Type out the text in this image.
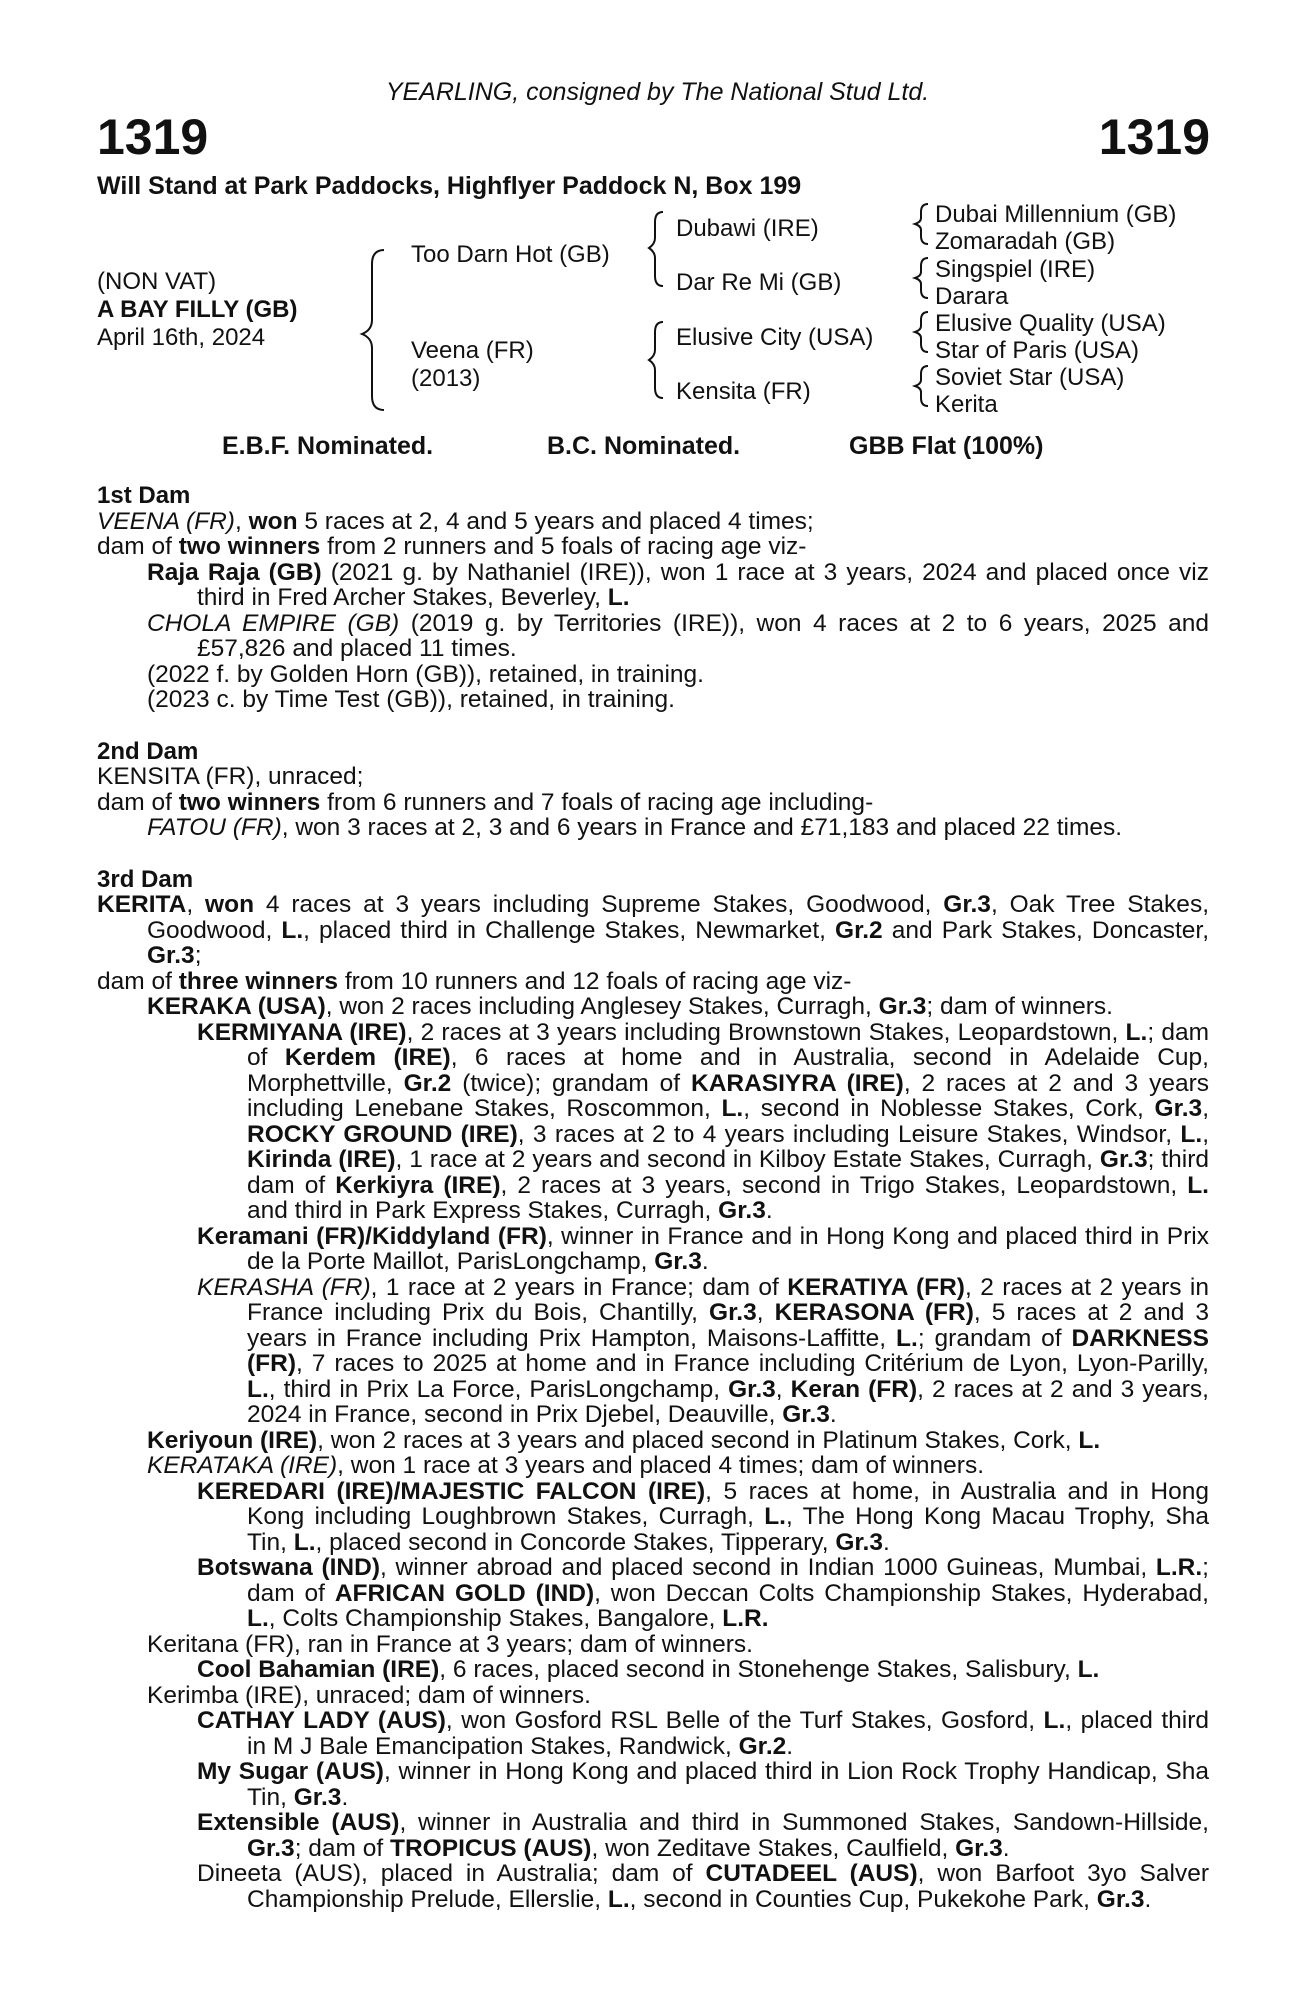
YEARLING, consigned by The National Stud Ltd.
1319	1319
Will Stand at Park Paddocks, Highflyer Paddock N, Box 199
(NON VAT)
A BAY FILLY (GB)
April 16th, 2024
Too Darn Hot (GB)
Veena (FR)
(2013)
Dubawi (IRE)
Dar Re Mi (GB)
Elusive City (USA)
Kensita (FR)
Dubai Millennium (GB)
Zomaradah (GB)
Singspiel (IRE)
Darara
Elusive Quality (USA)
Star of Paris (USA)
Soviet Star (USA)
Kerita
E.B.F. Nominated.	B.C. Nominated.	GBB Flat (100%)
1st Dam
VEENA (FR), won 5 races at 2, 4 and 5 years and placed 4 times;
dam of two winners from 2 runners and 5 foals of racing age viz-
Raja Raja (GB) (2021 g. by Nathaniel (IRE)), won 1 race at 3 years, 2024 and placed once viz third in Fred Archer Stakes, Beverley, L.
CHOLA EMPIRE (GB) (2019 g. by Territories (IRE)), won 4 races at 2 to 6 years, 2025 and £57,826 and placed 11 times.
(2022 f. by Golden Horn (GB)), retained, in training.
(2023 c. by Time Test (GB)), retained, in training.
2nd Dam
KENSITA (FR), unraced;
dam of two winners from 6 runners and 7 foals of racing age including-
FATOU (FR), won 3 races at 2, 3 and 6 years in France and £71,183 and placed 22 times.
3rd Dam
KERITA, won 4 races at 3 years including Supreme Stakes, Goodwood, Gr.3, Oak Tree Stakes, Goodwood, L., placed third in Challenge Stakes, Newmarket, Gr.2 and Park Stakes, Doncaster, Gr.3;
dam of three winners from 10 runners and 12 foals of racing age viz-
KERAKA (USA), won 2 races including Anglesey Stakes, Curragh, Gr.3; dam of winners.
KERMIYANA (IRE), 2 races at 3 years including Brownstown Stakes, Leopardstown, L.; dam of Kerdem (IRE), 6 races at home and in Australia, second in Adelaide Cup, Morphettville, Gr.2 (twice); grandam of KARASIYRA (IRE), 2 races at 2 and 3 years including Lenebane Stakes, Roscommon, L., second in Noblesse Stakes, Cork, Gr.3, ROCKY GROUND (IRE), 3 races at 2 to 4 years including Leisure Stakes, Windsor, L., Kirinda (IRE), 1 race at 2 years and second in Kilboy Estate Stakes, Curragh, Gr.3; third dam of Kerkiyra (IRE), 2 races at 3 years, second in Trigo Stakes, Leopardstown, L. and third in Park Express Stakes, Curragh, Gr.3.
Keramani (FR)/Kiddyland (FR), winner in France and in Hong Kong and placed third in Prix de la Porte Maillot, ParisLongchamp, Gr.3.
KERASHA (FR), 1 race at 2 years in France; dam of KERATIYA (FR), 2 races at 2 years in France including Prix du Bois, Chantilly, Gr.3, KERASONA (FR), 5 races at 2 and 3 years in France including Prix Hampton, Maisons-Laffitte, L.; grandam of DARKNESS (FR), 7 races to 2025 at home and in France including Critérium de Lyon, Lyon-Parilly, L., third in Prix La Force, ParisLongchamp, Gr.3, Keran (FR), 2 races at 2 and 3 years, 2024 in France, second in Prix Djebel, Deauville, Gr.3.
Keriyoun (IRE), won 2 races at 3 years and placed second in Platinum Stakes, Cork, L.
KERATAKA (IRE), won 1 race at 3 years and placed 4 times; dam of winners.
KEREDARI (IRE)/MAJESTIC FALCON (IRE), 5 races at home, in Australia and in Hong Kong including Loughbrown Stakes, Curragh, L., The Hong Kong Macau Trophy, Sha Tin, L., placed second in Concorde Stakes, Tipperary, Gr.3.
Botswana (IND), winner abroad and placed second in Indian 1000 Guineas, Mumbai, L.R.; dam of AFRICAN GOLD (IND), won Deccan Colts Championship Stakes, Hyderabad, L., Colts Championship Stakes, Bangalore, L.R.
Keritana (FR), ran in France at 3 years; dam of winners.
Cool Bahamian (IRE), 6 races, placed second in Stonehenge Stakes, Salisbury, L.
Kerimba (IRE), unraced; dam of winners.
CATHAY LADY (AUS), won Gosford RSL Belle of the Turf Stakes, Gosford, L., placed third in M J Bale Emancipation Stakes, Randwick, Gr.2.
My Sugar (AUS), winner in Hong Kong and placed third in Lion Rock Trophy Handicap, Sha Tin, Gr.3.
Extensible (AUS), winner in Australia and third in Summoned Stakes, Sandown-Hillside, Gr.3; dam of TROPICUS (AUS), won Zeditave Stakes, Caulfield, Gr.3.
Dineeta (AUS), placed in Australia; dam of CUTADEEL (AUS), won Barfoot 3yo Salver Championship Prelude, Ellerslie, L., second in Counties Cup, Pukekohe Park, Gr.3.
